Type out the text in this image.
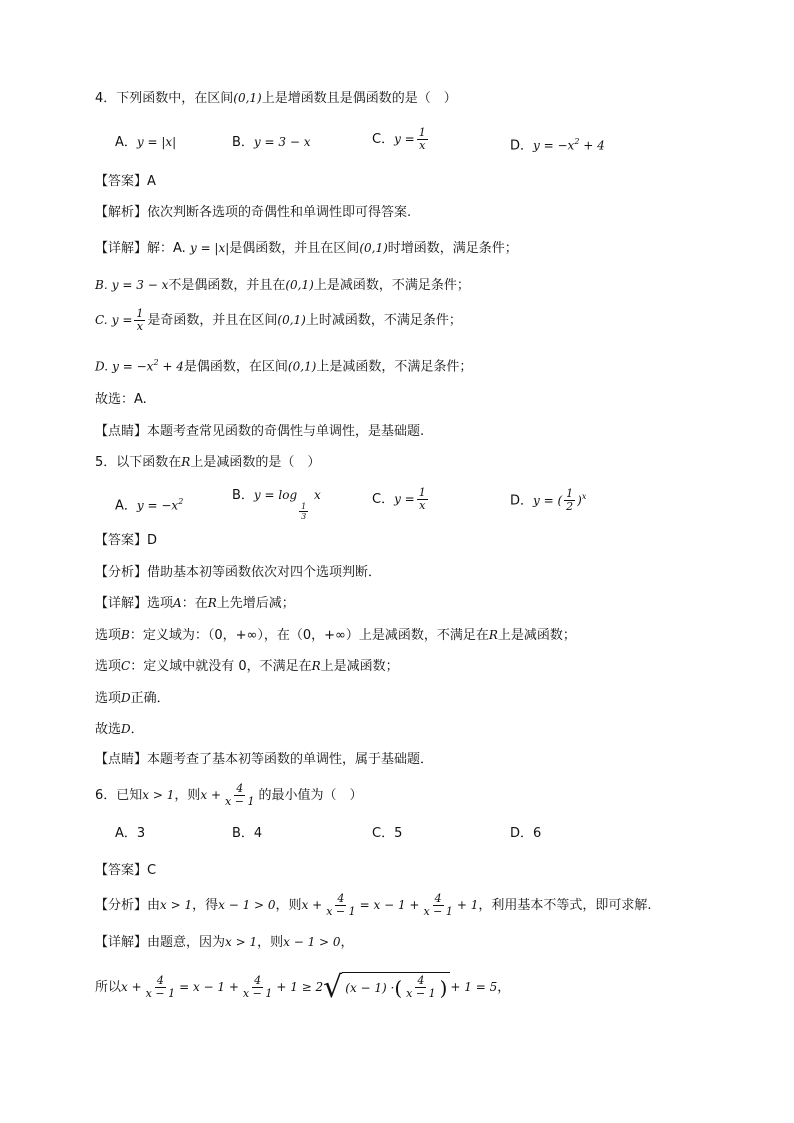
4．下列函数中，在区间(0,1)上是增函数且是偶函数的是（　）
A．y = |x|	B．y = 3 − x	C．$y = \frac{1}{x}$	D．$y = -x^2 + 4$
【答案】A
【解析】依次判断各选项的奇偶性和单调性即可得答案.
【详解】解：A. y = |x|是偶函数，并且在区间(0,1)时增函数，满足条件；
B. y = 3 − x不是偶函数，并且在(0,1)上是减函数，不满足条件；
C. $y = \frac{1}{x}$ 是奇函数，并且在区间(0,1)上时减函数，不满足条件；
D. $y = -x^2 + 4$是偶函数，在区间(0,1)上是减函数，不满足条件；
故选：A.
【点睛】本题考查常见函数的奇偶性与单调性，是基础题.
5．以下函数在R上是减函数的是（　）
A．$y = -x^2$	B．y = log
$\frac{1}{3}$
x	C．$y = \frac{1}{x}$	D．y = ( $\frac{1}{2} )^x$
【答案】D
【分析】借助基本初等函数依次对四个选项判断．
【详解】选项A：在R上先增后减；
选项B：定义域为：（0，+∞），在（0，+∞）上是减函数，不满足在R上是减函数；
选项C：定义域中就没有 0，不满足在R上是减函数；
选项D正确．
故选D．
【点睛】本题考查了基本初等函数的单调性，属于基础题．
6．已知x > 1，则$x + \frac{4}{x - 1}$ 的最小值为（　）
A．3	B．4	C．5	D．6
【答案】C
【分析】由x > 1，得x − 1 > 0，则$x + \frac{4}{x - 1} = x - 1 + \frac{4}{x - 1} + 1$，利用基本不等式，即可求解.
【详解】由题意，因为x > 1，则x − 1 > 0，
所以$x + \frac{4}{x - 1} = x - 1 + \frac{4}{x - 1} + 1 \ge 2√$ (x − 1) · ( $\frac{4}{x - 1}$ ) + 1 = 5，
